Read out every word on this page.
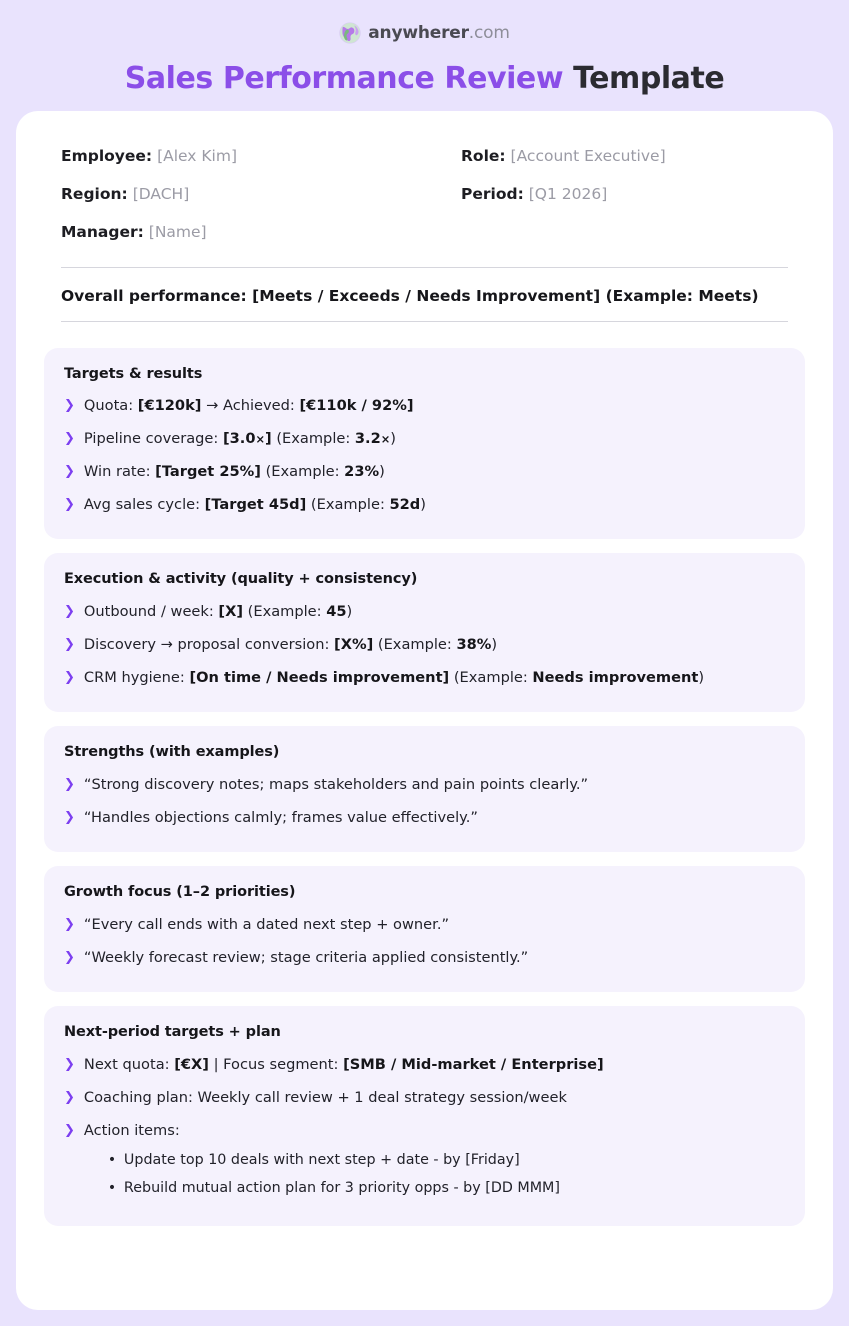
anywherer.com
Sales Performance Review Template
Employee: [Alex Kim]	Role: [Account Executive]
Region: [DACH]	Period: [Q1 2026]
Manager: [Name]
Overall performance: [Meets / Exceeds / Needs Improvement] (Example: Meets)
Targets & results
❯ Quota: [€120k] → Achieved: [€110k / 92%]
❯ Pipeline coverage: [3.0×] (Example: 3.2×)
❯ Win rate: [Target 25%] (Example: 23%)
❯ Avg sales cycle: [Target 45d] (Example: 52d)
Execution & activity (quality + consistency)
❯ Outbound / week: [X] (Example: 45)
❯ Discovery → proposal conversion: [X%] (Example: 38%)
❯ CRM hygiene: [On time / Needs improvement] (Example: Needs improvement)
Strengths (with examples)
❯ “Strong discovery notes; maps stakeholders and pain points clearly.”
❯ “Handles objections calmly; frames value effectively.”
Growth focus (1–2 priorities)
❯ “Every call ends with a dated next step + owner.”
❯ “Weekly forecast review; stage criteria applied consistently.”
Next-period targets + plan
❯ Next quota: [€X] | Focus segment: [SMB / Mid-market / Enterprise]
❯ Coaching plan: Weekly call review + 1 deal strategy session/week
❯ Action items:
• Update top 10 deals with next step + date - by [Friday]
• Rebuild mutual action plan for 3 priority opps - by [DD MMM]
